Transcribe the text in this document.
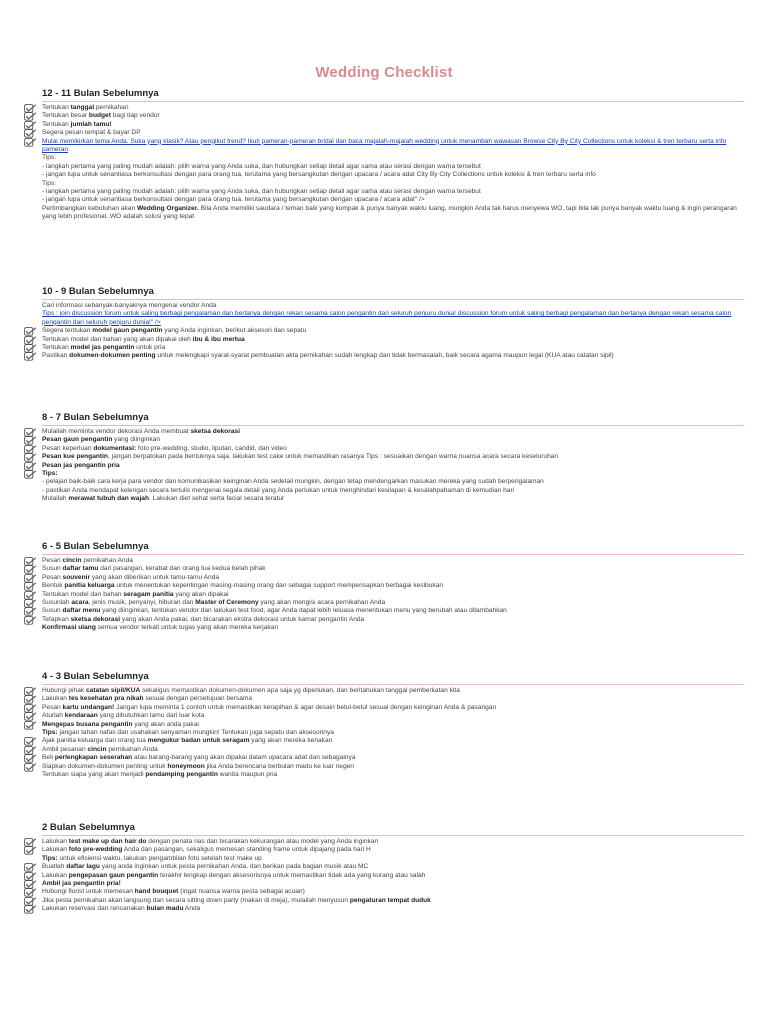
Wedding Checklist
12 - 11 Bulan Sebelumnya
Tentukan tanggal pernikahan
Tentukan besar budget bagi tiap vendor
Tentukan jumlah tamu!
Segera pesan tempat & bayar DP
Mulai memikirkan tema Anda. Suka yang klasik? Atau pengikut trend? Ikuti pameran-pameran bridal dan baca majalah-majalah wedding untuk menambah wawasan Browse City By City Collections untuk koleksi & tren terbaru serta info pameran
Tips:
- langkah pertama yang paling mudah adalah: pilih warna yang Anda suka, dan hubungkan setiap detail agar sama atau serasi dengan warna tersebut
- jangan lupa untuk senantiasa berkonsultasi dengan para orang tua, terutama yang bersangkutan dengan upacara / acara adat City By City Collections untuk koleksi & tren terbaru serta info
Tips:
- langkah pertama yang paling mudah adalah: pilih warna yang Anda suka, dan hubungkan setiap detail agar sama atau serasi dengan warna tersebut
- jangan lupa untuk senantiasa berkonsultasi dengan para orang tua, terutama yang bersangkutan dengan upacara / acara adat" />
Pertimbangkan kebutuhan akan Wedding Organizer. Bila Anda memiliki saudara / teman baik yang kompak & punya banyak waktu luang, mungkin Anda tak harus menyewa WO, tapi bila tak punya banyak waktu luang & ingin perangaran yang lebih profesional, WO adalah solusi yang tepat
10 - 9 Bulan Sebelumnya
Cari informasi sebanyak-banyaknya mengenai vendor Anda
Tips : join discussion forum untuk saling berbagi pengalaman dan bertanya dengan rekan sesama calon pengantin dari seluruh penjuru dunia! discussion forum untuk saling berbagi pengalaman dan bertanya dengan rekan sesama calon pengantin dari seluruh penjuru dunia!" />
Segera tentukan model gaun pengantin yang Anda inginkan, berikut aksesori dan sepatu
Tentukan model dan bahan yang akan dipakai oleh ibu & ibu mertua
Tentukan model jas pengantin untuk pria
Pastikan dokumen-dokumen penting untuk melengkapi syarat-syarat pembuatan akta pernikahan sudah lengkap dan tidak bermasalah, baik secara agama maupun legal (KUA atau catatan sipil)
8 - 7 Bulan Sebelumnya
Mulailah meminta vendor dekorasi Anda membuat sketsa dekorasi
Pesan gaun pengantin yang diinginkan
Pesan keperluan dokumentasi: foto pre-wedding, studio, liputan, candid, dan video
Pesan kue pengantin, jangan berpatokan pada bentuknya saja, lakukan test cake untuk memastikan rasanya Tips : sesuaikan dengan warna nuansa acara secara keseluruhan
Pesan jas pengantin pria
Tips:
- pelajari baik-baik cara kerja para vendor dan komunikasikan keinginan Anda sedetail mungkin, dengan tetap mendengarkan masukan mereka yang sudah berpengalaman
- pastikan Anda mendapat kelengan secara tertulis mengenai segala detail yang Anda perlukan untuk menghindari kesilapan & kesalahpahaman di kemudian hari
Mulailah merawat tubuh dan wajah. Lakukan diet sehat serta facial secara teratur
6 - 5 Bulan Sebelumnya
Pesan cincin pernikahan Anda
Susun daftar tamu dari pasangan, kerabat dan orang tua kedua belah pihak
Pesan souvenir yang akan diberikan untuk tamu-tamu Anda
Bentuk panitia keluarga untuk menentukan kepentingan masing-masing orang dan sebagai support memperisapkan berbagai kesibukan
Tentukan model dan bahan seragam panitia yang akan dipakai
Susunlah acara, jenis musik, penyanyi, hiburan dan Master of Ceremony yang akan mengisi acara pernikahan Anda
Susun daftar menu yang diinginkan, tentukan vendor dan lakukan test food, agar Anda dapat lebih leluasa menentukan menu yang berubah atau ditambahkan
Tetapkan sketsa dekorasi yang akan Anda pakai, dan bicarakan ekstra dekorasi untuk kamar pengantin Anda
Konfirmasi ulang semua vendor terkait untuk tugas yang akan mereka kerjakan
4 - 3 Bulan Sebelumnya
Hubungi pihak catatan sipil/KUA sekaligus memastikan dokumen-dokumen apa saja yg diperlukan, dan beritahukan tanggal pemberkatan kita
Lakukan tes kesehatan pra nikah sesuai dengan persetujuan bersama
Pesan kartu undangan! Jangan lupa meminta 1 contoh untuk memastikan kerapihan & agar desain betul-betul sesuai dengan keinginan Anda & pasangan
Aturlah kendaraan yang dibutuhkan tamu dari luar kota
Mengepas busana pengantin yang akan anda pakai
Tips: jangan tahan nafas dan usahakan senyaman mungkin! Tentukan juga sepatu dan aksesorinya
Ajak panitia keluarga dan orang tua mengukur badan untuk seragam yang akan mereka kenakan
Ambil pesanan cincin pernikahan Anda
Beli perlengkapan seserahan atau barang-barang yang akan dipakai dalam upacara adat dan sebagainya
Siapkan dokumen-dokumen penting untuk honeymoon jika Anda berencana berbulan madu ke luar negeri
Tentukan siapa yang akan menjadi pendamping pengantin wanita maupun pria
2 Bulan Sebelumnya
Lakukan test make up dan hair do dengan penata rias dan bicarakan kekurangan atau model yang Anda inginkan
Lakukan foto pre-wedding Anda dan pasangan, sekaligus memesan standing frame untuk dipajang pada hari H
Tips: untuk efisiensi waktu, lakukan pengambilan foto setelah test make up
Buatlah daftar lagu yang anda inginkan untuk pesta pernikahan Anda, dan berikan pada bagian musik atau MC
Lakukan pengepasan gaun pengantin terakhir lengkap dengan aksesorisnya untuk memastikan tidak ada yang kurang atau salah
Ambil jas pengantin pria!
Hubungi florist untuk memesan hand bouquet (ingat nuansa warna pesta sebagai acuan)
Jika pesta pernikahan akan langsung dan secara sitting down party (makan di meja), mulailah menyusun pengaturan tempat duduk
Lakukan reservasi dan rencanakan bulan madu Anda
